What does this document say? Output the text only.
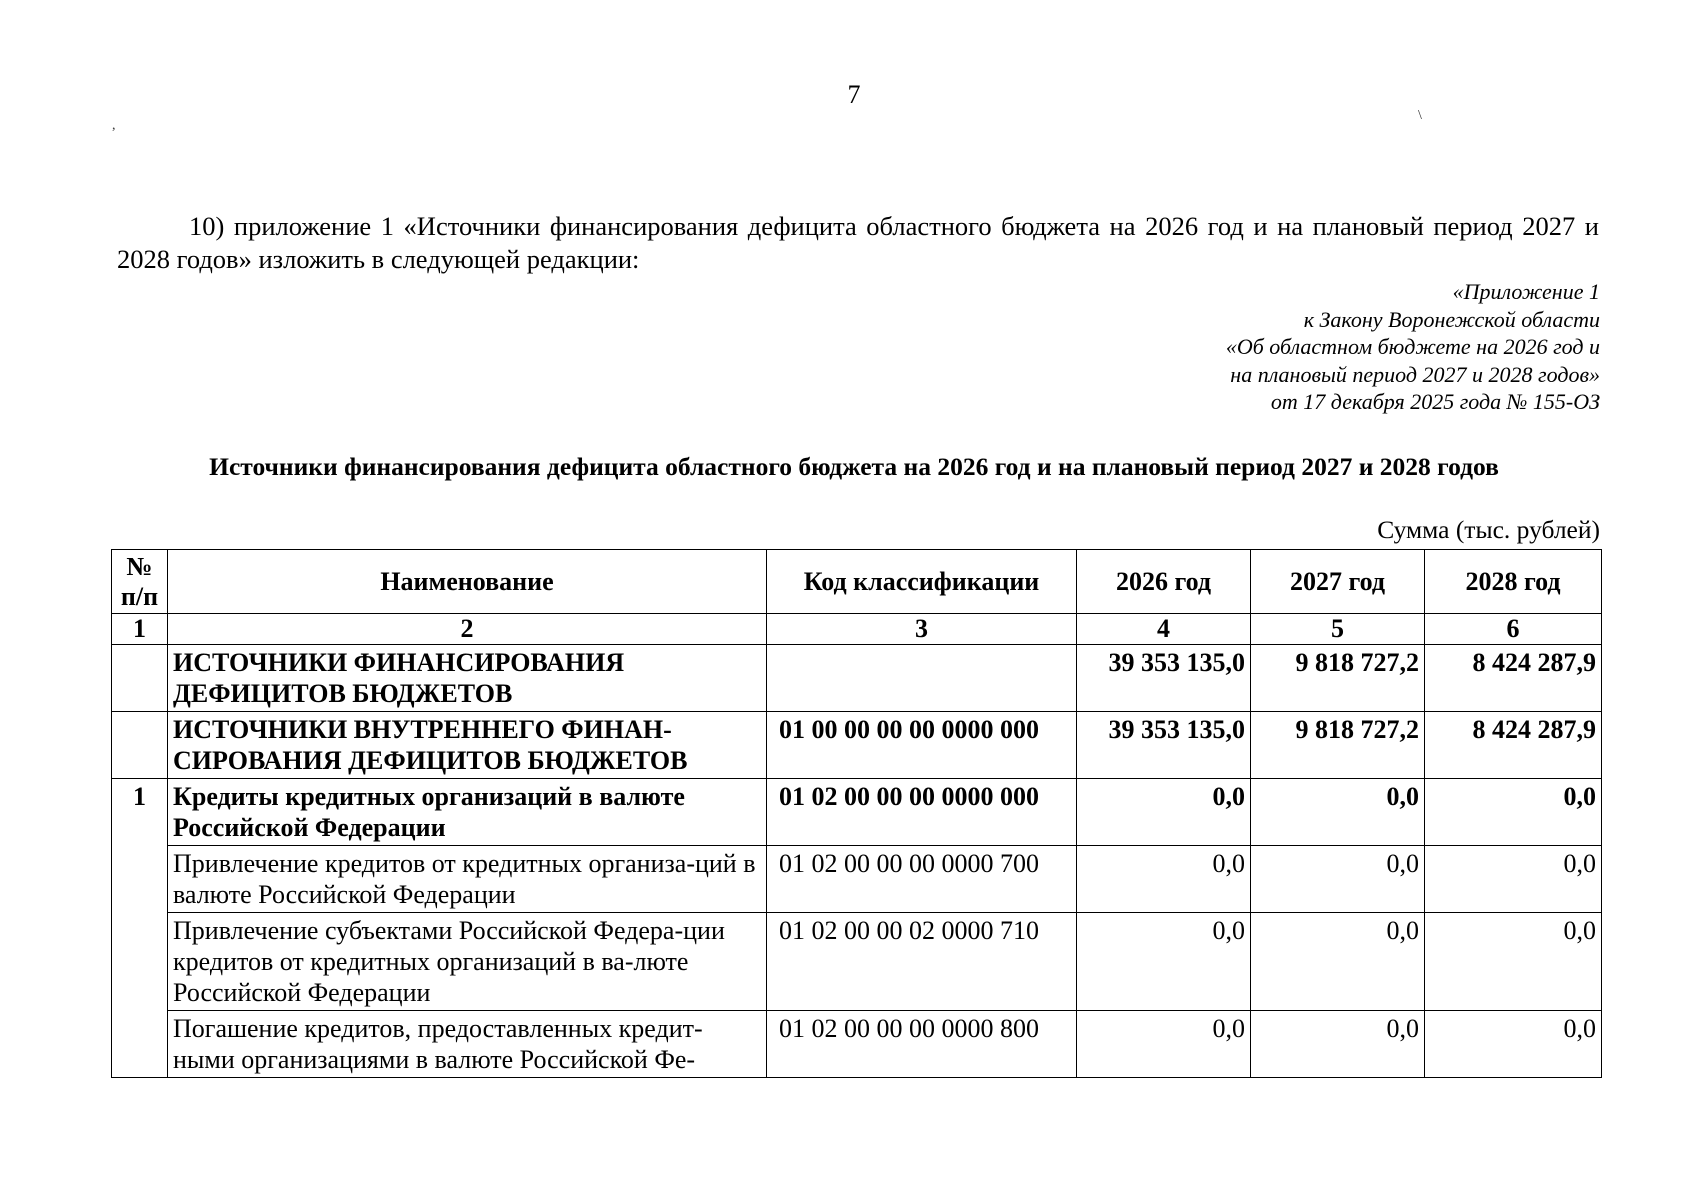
7
,
\

10) приложение 1 «Источники финансирования дефицита областного бюджета на 2026 год и на плановый период 2027 и 2028 годов» изложить в следующей редакции:

«Приложение 1
к Закону Воронежской области
«Об областном бюджете на 2026 год и
на плановый период 2027 и 2028 годов»
от 17 декабря 2025 года № 155-ОЗ
Источники финансирования дефицита областного бюджета на 2026 год и на плановый период 2027 и 2028 годов
Сумма (тыс. рублей)
№ п/п	Наименование	Код классификации	2026 год	2027 год	2028 год
1	2	3	4	5	6
	ИСТОЧНИКИ ФИНАНСИРОВАНИЯ ДЕФИЦИТОВ БЮДЖЕТОВ		39 353 135,0	9 818 727,2	8 424 287,9
	ИСТОЧНИКИ ВНУТРЕННЕГО ФИНАН-СИРОВАНИЯ ДЕФИЦИТОВ БЮДЖЕТОВ	01 00 00 00 00 0000 000	39 353 135,0	9 818 727,2	8 424 287,9
1	Кредиты кредитных организаций в валюте Российской Федерации	01 02 00 00 00 0000 000	0,0	0,0	0,0
	Привлечение кредитов от кредитных организа-ций в валюте Российской Федерации	01 02 00 00 00 0000 700	0,0	0,0	0,0
	Привлечение субъектами Российской Федера-ции кредитов от кредитных организаций в ва-люте Российской Федерации	01 02 00 00 02 0000 710	0,0	0,0	0,0
	Погашение кредитов, предоставленных кредит-ными организациями в валюте Российской Фе-	01 02 00 00 00 0000 800	0,0	0,0	0,0
